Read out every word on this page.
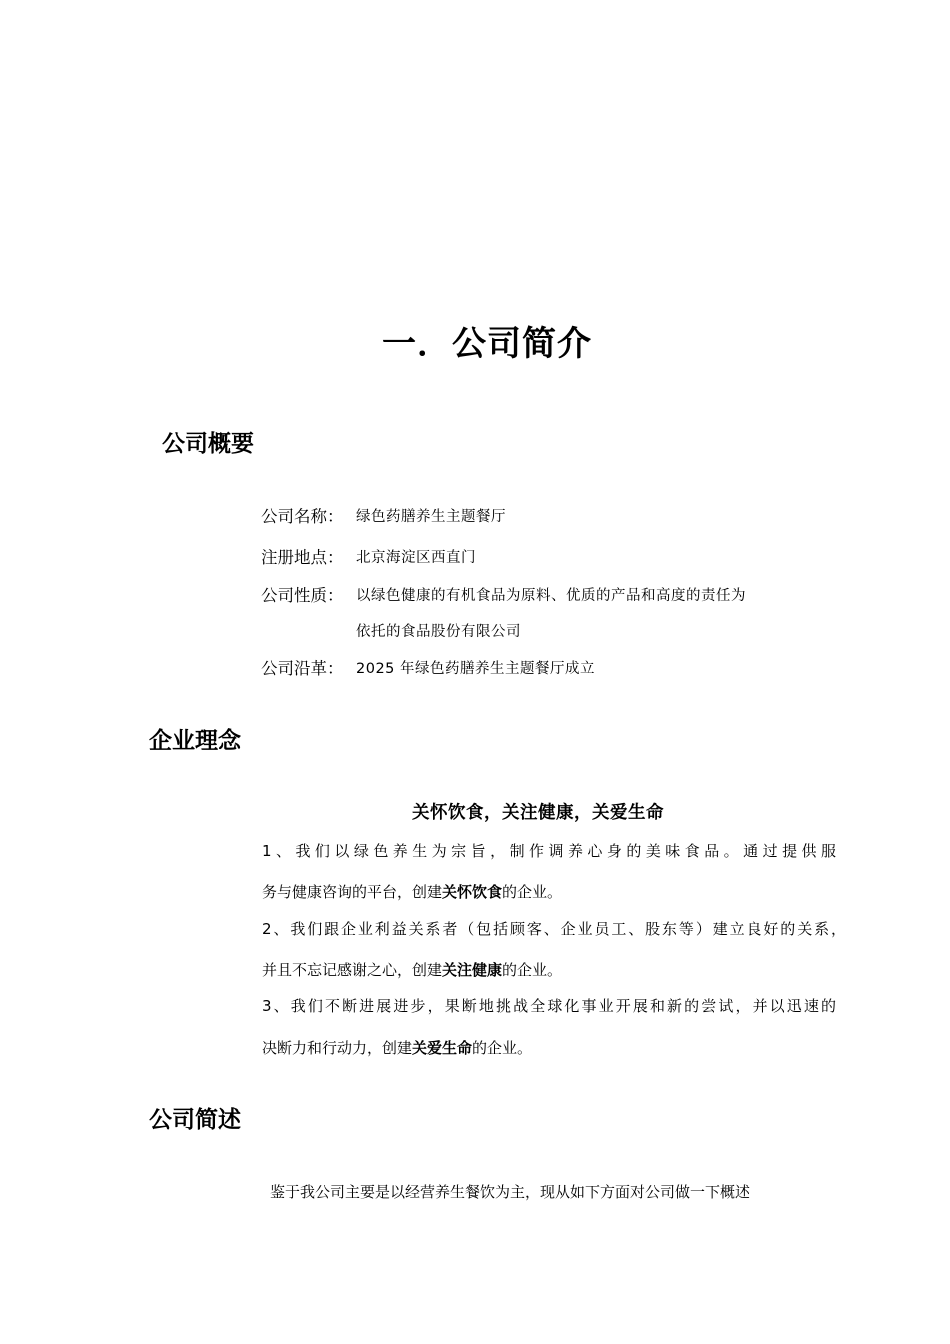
一．公司简介
公司概要
公司名称： 绿色药膳养生主题餐厅
注册地点： 北京海淀区西直门
公司性质： 以绿色健康的有机食品为原料、优质的产品和高度的责任为
依托的食品股份有限公司
公司沿革： 2025 年绿色药膳养生主题餐厅成立
企业理念
关怀饮食，关注健康，关爱生命
1、我们以绿色养生为宗旨，制作调养心身的美味食品。通过提供服
务与健康咨询的平台，创建关怀饮食的企业。
2、我们跟企业利益关系者（包括顾客、企业员工、股东等）建立良好的关系，
并且不忘记感谢之心，创建关注健康的企业。
3、我们不断进展进步，果断地挑战全球化事业开展和新的尝试，并以迅速的
决断力和行动力，创建关爱生命的企业。
公司简述
鉴于我公司主要是以经营养生餐饮为主，现从如下方面对公司做一下概述
